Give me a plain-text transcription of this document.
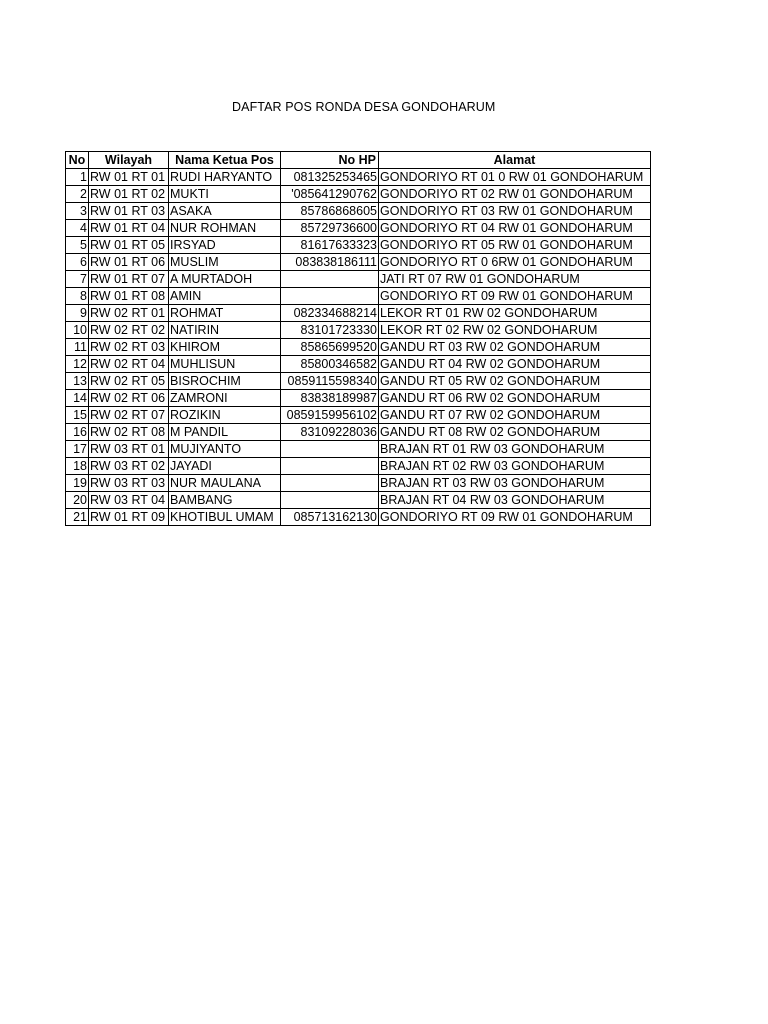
DAFTAR POS RONDA DESA GONDOHARUM
No	Wilayah	Nama Ketua Pos	No HP	Alamat
1	RW 01 RT 01	RUDI HARYANTO	081325253465	GONDORIYO RT 01 0 RW 01 GONDOHARUM
2	RW 01 RT 02	MUKTI	'085641290762	GONDORIYO RT 02 RW 01 GONDOHARUM
3	RW 01 RT 03	ASAKA	85786868605	GONDORIYO RT 03 RW 01 GONDOHARUM
4	RW 01 RT 04	NUR ROHMAN	85729736600	GONDORIYO RT 04 RW 01 GONDOHARUM
5	RW 01 RT 05	IRSYAD	81617633323	GONDORIYO RT 05 RW 01 GONDOHARUM
6	RW 01 RT 06	MUSLIM	083838186111	GONDORIYO RT 0 6RW 01 GONDOHARUM
7	RW 01 RT 07	A MURTADOH		JATI RT 07 RW 01 GONDOHARUM
8	RW 01 RT 08	AMIN		GONDORIYO RT 09 RW 01 GONDOHARUM
9	RW 02 RT 01	ROHMAT	082334688214	LEKOR RT 01 RW 02 GONDOHARUM
10	RW 02 RT 02	NATIRIN	83101723330	LEKOR RT 02 RW 02 GONDOHARUM
11	RW 02 RT 03	KHIROM	85865699520	GANDU RT 03 RW 02 GONDOHARUM
12	RW 02 RT 04	MUHLISUN	85800346582	GANDU RT 04 RW 02 GONDOHARUM
13	RW 02 RT 05	BISROCHIM	0859115598340	GANDU RT 05 RW 02 GONDOHARUM
14	RW 02 RT 06	ZAMRONI	83838189987	GANDU RT 06 RW 02 GONDOHARUM
15	RW 02 RT 07	ROZIKIN	0859159956102	GANDU RT 07 RW 02 GONDOHARUM
16	RW 02 RT 08	M PANDIL	83109228036	GANDU RT 08 RW 02 GONDOHARUM
17	RW 03 RT 01	MUJIYANTO		BRAJAN RT 01 RW 03 GONDOHARUM
18	RW 03 RT 02	JAYADI		BRAJAN RT 02 RW 03 GONDOHARUM
19	RW 03 RT 03	NUR MAULANA		BRAJAN RT 03 RW 03 GONDOHARUM
20	RW 03 RT 04	BAMBANG		BRAJAN RT 04 RW 03 GONDOHARUM
21	RW 01 RT 09	KHOTIBUL UMAM	085713162130	GONDORIYO RT 09 RW 01 GONDOHARUM
